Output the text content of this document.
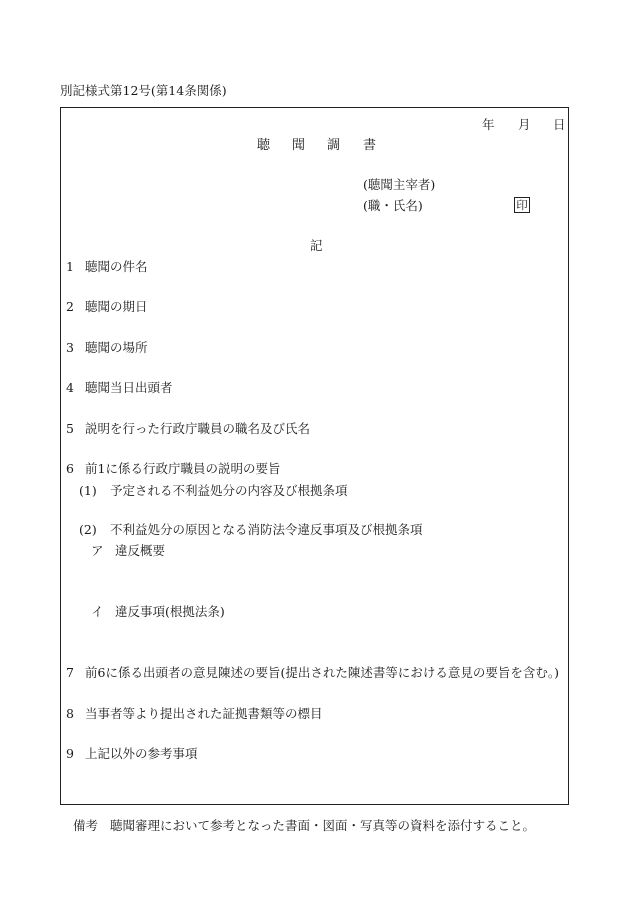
別記様式第12号(第14条関係)
年 月 日
聴 聞 調 書
(聴聞主宰者)
(職・氏名)	印
記
1 聴聞の件名
2 聴聞の期日
3 聴聞の場所
4 聴聞当日出頭者
5 説明を行った行政庁職員の職名及び氏名
6 前1に係る行政庁職員の説明の要旨
(1) 予定される不利益処分の内容及び根拠条項
(2) 不利益処分の原因となる消防法令違反事項及び根拠条項
ア 違反概要
イ 違反事項(根拠法条)
7 前6に係る出頭者の意見陳述の要旨(提出された陳述書等における意見の要旨を含む。)
8 当事者等より提出された証拠書類等の標目
9 上記以外の参考事項
備考 聴聞審理において参考となった書面・図面・写真等の資料を添付すること。
